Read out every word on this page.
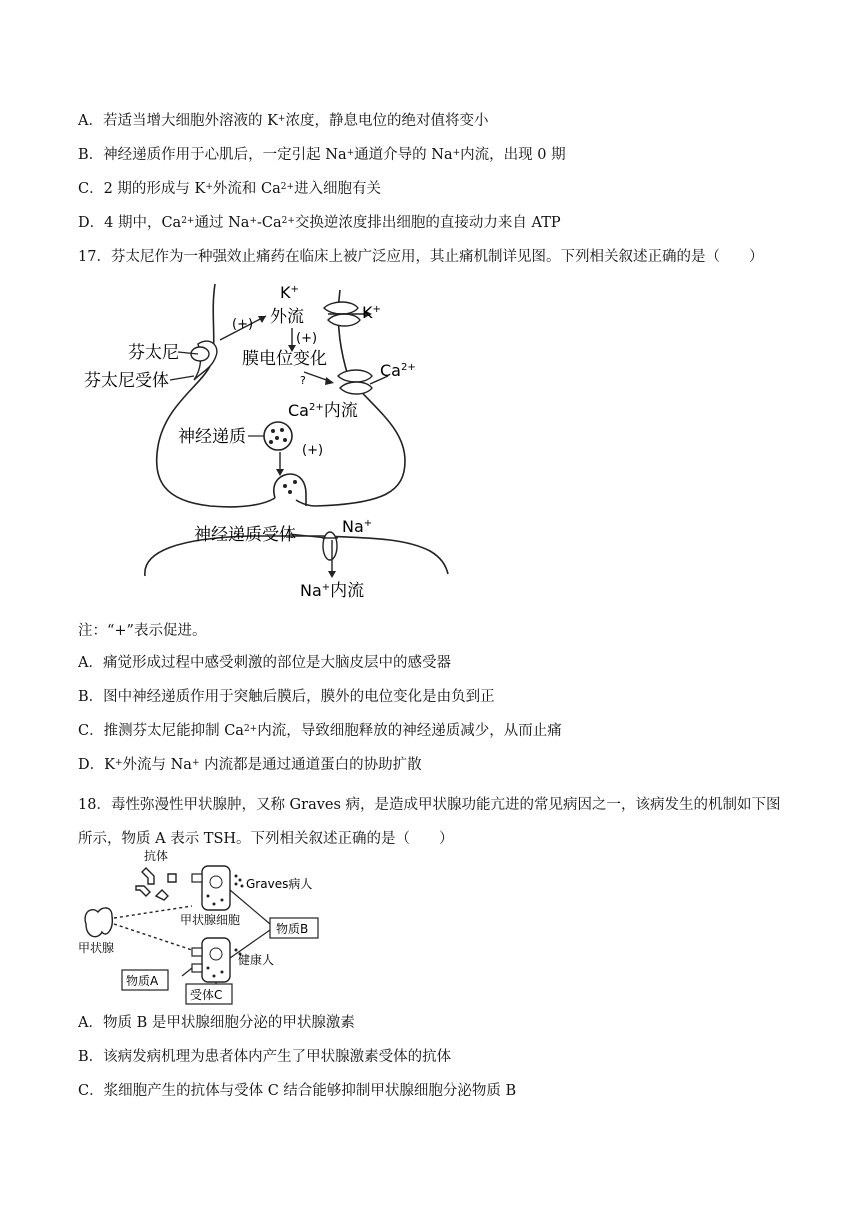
A．若适当增大细胞外溶液的 K+浓度，静息电位的绝对值将变小
B．神经递质作用于心肌后，一定引起 Na+通道介导的 Na+内流，出现 0 期
C．2 期的形成与 K+外流和 $Ca^{2+}$进入细胞有关
D．4 期中，$Ca^{2+}$通过 $Na^+-Ca^{2+}$交换逆浓度排出细胞的直接动力来自 ATP
17．芬太尼作为一种强效止痛药在临床上被广泛应用，其止痛机制详见图。下列相关叙述正确的是（　　）
K+
(+) 外流	K+
(+)
膜电位变化
?
$Ca^{2+}$
$Ca^{2+}$内流
芬太尼
芬太尼受体
神经递质
(+)
神经递质受体	Na+
Na+内流
注：“+”表示促进。
A．痛觉形成过程中感受刺激的部位是大脑皮层中的感受器
B．图中神经递质作用于突触后膜后，膜外的电位变化是由负到正
C．推测芬太尼能抑制 $Ca^{2+}$内流，导致细胞释放的神经递质减少，从而止痛
D．K+外流与 Na+ 内流都是通过通道蛋白的协助扩散
18．毒性弥漫性甲状腺肿，又称 Graves 病，是造成甲状腺功能亢进的常见病因之一，该病发生的机制如下图所示，物质 A 表示 TSH。下列相关叙述正确的是（　　）
抗体
Graves病人
甲状腺细胞
物质B
甲状腺
健康人
物质A
受体C
A．物质 B 是甲状腺细胞分泌的甲状腺激素
B．该病发病机理为患者体内产生了甲状腺激素受体的抗体
C．浆细胞产生的抗体与受体 C 结合能够抑制甲状腺细胞分泌物质 B
